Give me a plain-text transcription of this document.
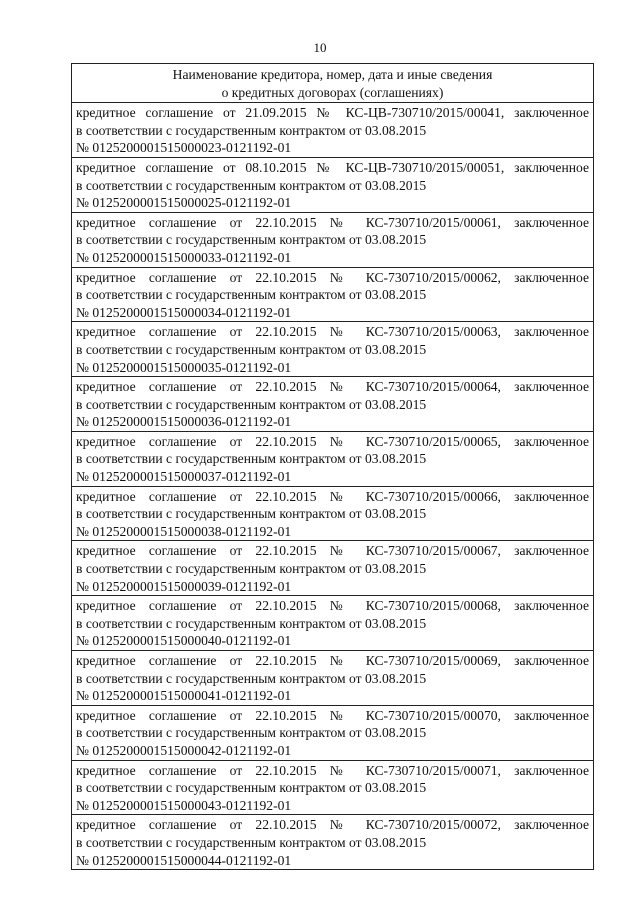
10
Наименование кредитора, номер, дата и иные сведения
о кредитных договорах (соглашениях)

кредитное соглашение от 21.09.2015 № КС-ЦВ-730710/2015/00041, заключенное
в соответствии с государственным контрактом от 03.08.2015
№ 0125200001515000023-0121192-01

кредитное соглашение от 08.10.2015 № КС-ЦВ-730710/2015/00051, заключенное
в соответствии с государственным контрактом от 03.08.2015
№ 0125200001515000025-0121192-01

кредитное соглашение от 22.10.2015 № КС-730710/2015/00061, заключенное
в соответствии с государственным контрактом от 03.08.2015
№ 0125200001515000033-0121192-01

кредитное соглашение от 22.10.2015 № КС-730710/2015/00062, заключенное
в соответствии с государственным контрактом от 03.08.2015
№ 0125200001515000034-0121192-01

кредитное соглашение от 22.10.2015 № КС-730710/2015/00063, заключенное
в соответствии с государственным контрактом от 03.08.2015
№ 0125200001515000035-0121192-01

кредитное соглашение от 22.10.2015 № КС-730710/2015/00064, заключенное
в соответствии с государственным контрактом от 03.08.2015
№ 0125200001515000036-0121192-01

кредитное соглашение от 22.10.2015 № КС-730710/2015/00065, заключенное
в соответствии с государственным контрактом от 03.08.2015
№ 0125200001515000037-0121192-01

кредитное соглашение от 22.10.2015 № КС-730710/2015/00066, заключенное
в соответствии с государственным контрактом от 03.08.2015
№ 0125200001515000038-0121192-01

кредитное соглашение от 22.10.2015 № КС-730710/2015/00067, заключенное
в соответствии с государственным контрактом от 03.08.2015
№ 0125200001515000039-0121192-01

кредитное соглашение от 22.10.2015 № КС-730710/2015/00068, заключенное
в соответствии с государственным контрактом от 03.08.2015
№ 0125200001515000040-0121192-01

кредитное соглашение от 22.10.2015 № КС-730710/2015/00069, заключенное
в соответствии с государственным контрактом от 03.08.2015
№ 0125200001515000041-0121192-01

кредитное соглашение от 22.10.2015 № КС-730710/2015/00070, заключенное
в соответствии с государственным контрактом от 03.08.2015
№ 0125200001515000042-0121192-01

кредитное соглашение от 22.10.2015 № КС-730710/2015/00071, заключенное
в соответствии с государственным контрактом от 03.08.2015
№ 0125200001515000043-0121192-01

кредитное соглашение от 22.10.2015 № КС-730710/2015/00072, заключенное
в соответствии с государственным контрактом от 03.08.2015
№ 0125200001515000044-0121192-01
